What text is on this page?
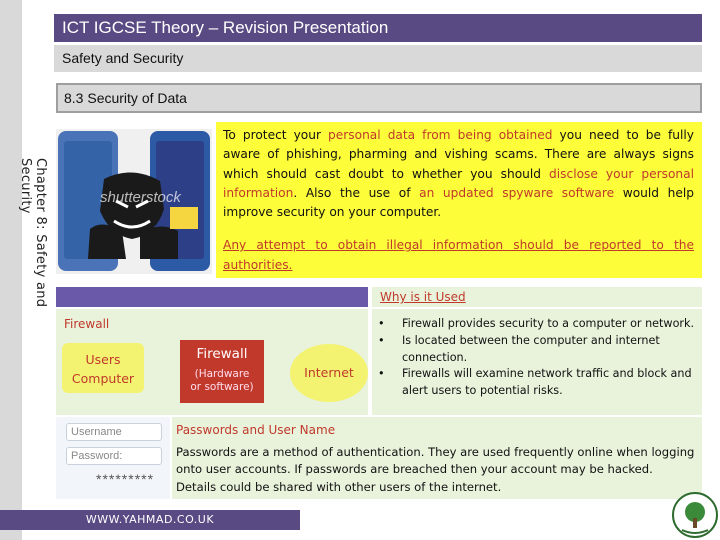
Chapter 8: Safety and Security
ICT IGCSE Theory – Revision Presentation
Safety and Security
8.3 Security of Data
shutterstock

To protect your personal data from being obtained you need to be fully aware of phishing, pharming and vishing scams. There are always signs which should cast doubt to whether you should disclose your personal information. Also the use of an updated spyware software would help improve security on your computer.

Any attempt to obtain illegal information should be reported to the authorities.

Why is it Used
Firewall
Users
Computer
Firewall
(Hardware
or software)
Internet
• Firewall provides security to a computer or network.
• Is located between the computer and internet connection.
• Firewalls will examine network traffic and block and alert users to potential risks.
Username
Password:
*********
Passwords and User Name
Passwords are a method of authentication. They are used frequently online when logging onto user accounts. If passwords are breached then your account may be hacked. Details could be shared with other users of the internet.
WWW.YAHMAD.CO.UK
